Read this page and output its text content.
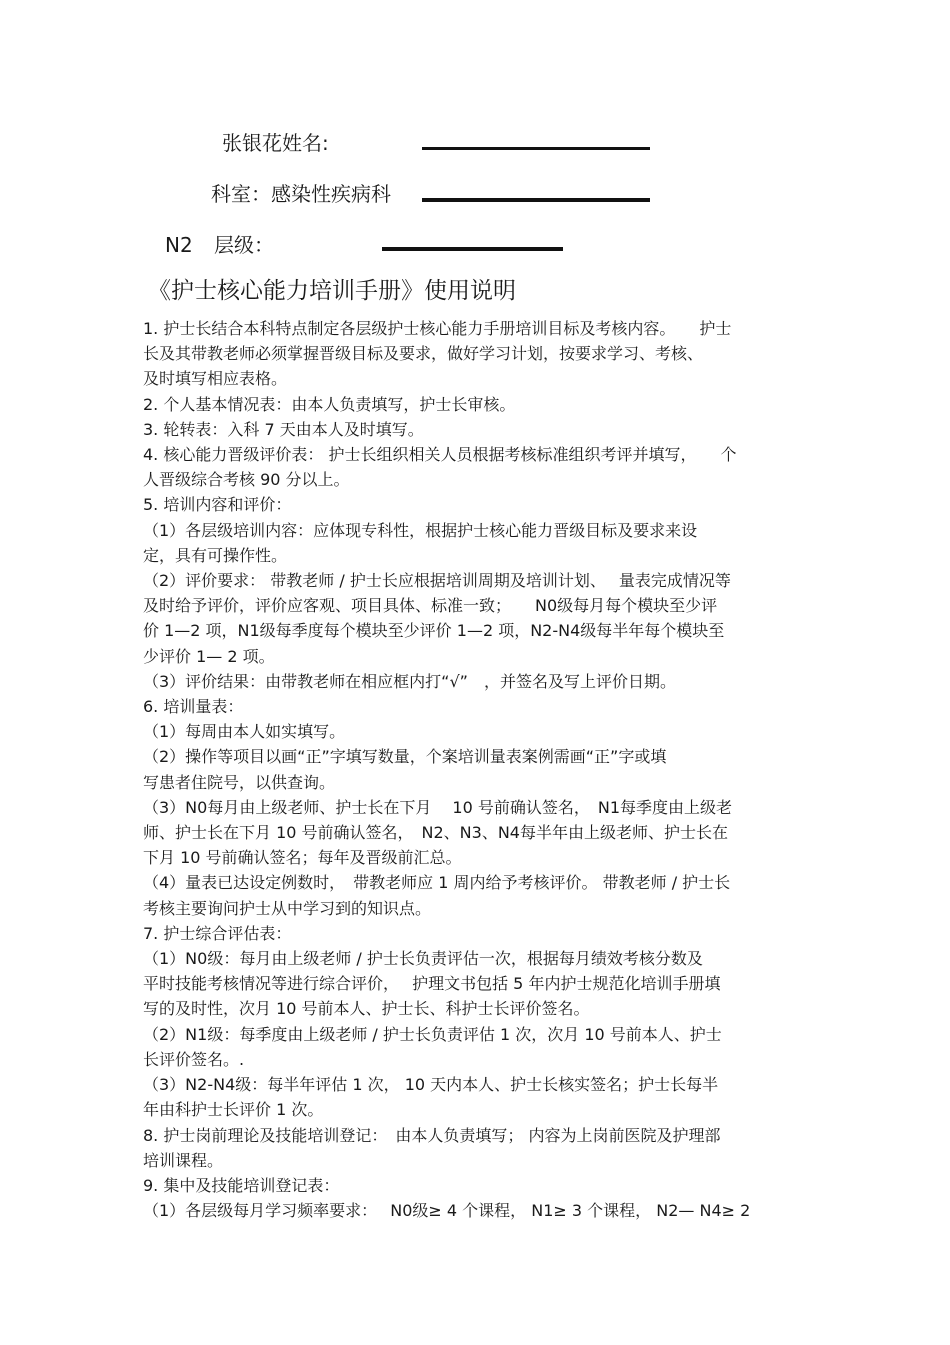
张银花姓名:
科室：感染性疾病科
N2 层级：
《护士核心能力培训手册》使用说明

1. 护士长结合本科特点制定各层级护士核心能力手册培训目标及考核内容。　　护士

长及其带教老师必须掌握晋级目标及要求，做好学习计划，按要求学习、考核、

及时填写相应表格。

2. 个人基本情况表：由本人负责填写，护士长审核。

3. 轮转表：入科 7 天由本人及时填写。

4. 核心能力晋级评价表： 护士长组织相关人员根据考核标准组织考评并填写，　　个

人晋级综合考核 90 分以上。

5. 培训内容和评价：

（1）各层级培训内容：应体现专科性，根据护士核心能力晋级目标及要求来设

定，具有可操作性。

（2）评价要求： 带教老师 / 护士长应根据培训周期及培训计划、　 量表完成情况等

及时给予评价，评价应客观、项目具体、标准一致；　　N0级每月每个模块至少评

价 1—2 项，N1级每季度每个模块至少评价 1—2 项，N2-N4级每半年每个模块至

少评价 1— 2 项。

（3）评价结果：由带教老师在相应框内打“√”　，并签名及写上评价日期。

6. 培训量表：

（1）每周由本人如实填写。

（2）操作等项目以画“正”字填写数量，个案培训量表案例需画“正”字或填

写患者住院号，以供查询。

（3）N0每月由上级老师、护士长在下月　 10 号前确认签名，　N1每季度由上级老

师、护士长在下月 10 号前确认签名，　N2、N3、N4每半年由上级老师、护士长在

下月 10 号前确认签名；每年及晋级前汇总。

（4）量表已达设定例数时，　带教老师应 1 周内给予考核评价。 带教老师 / 护士长

考核主要询问护士从中学习到的知识点。

7. 护士综合评估表：

（1）N0级：每月由上级老师 / 护士长负责评估一次，根据每月绩效考核分数及

平时技能考核情况等进行综合评价，　 护理文书包括 5 年内护士规范化培训手册填

写的及时性，次月 10 号前本人、护士长、科护士长评价签名。

（2）N1级：每季度由上级老师 / 护士长负责评估 1 次，次月 10 号前本人、护士

长评价签名。.

（3）N2-N4级：每半年评估 1 次， 10 天内本人、护士长核实签名；护士长每半

年由科护士长评价 1 次。

8. 护士岗前理论及技能培训登记：　由本人负责填写； 内容为上岗前医院及护理部

培训课程。

9. 集中及技能培训登记表：

（1）各层级每月学习频率要求：　 N0级≥ 4 个课程， N1≥ 3 个课程， N2— N4≥ 2
